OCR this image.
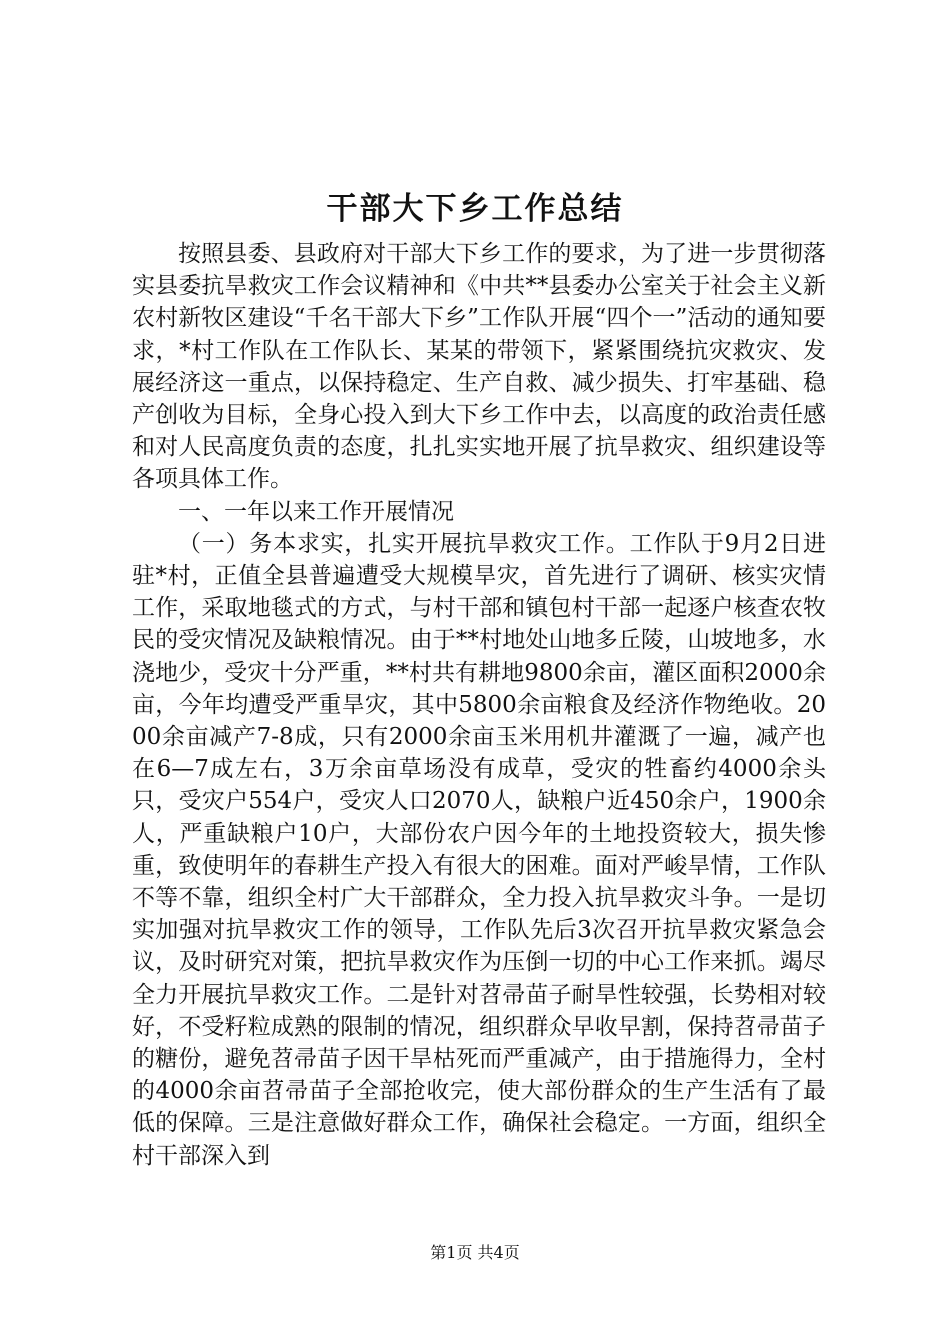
干部大下乡工作总结

按照县委、县政府对干部大下乡工作的要求，为了进一步贯彻落实县委抗旱救灾工作会议精神和《中共**县委办公室关于社会主义新农村新牧区建设“千名干部大下乡”工作队开展“四个一”活动的通知要求，*村工作队在工作队长、某某的带领下，紧紧围绕抗灾救灾、发展经济这一重点，以保持稳定、生产自救、减少损失、打牢基础、稳产创收为目标，全身心投入到大下乡工作中去，以高度的政治责任感和对人民高度负责的态度，扎扎实实地开展了抗旱救灾、组织建设等各项具体工作。

一、一年以来工作开展情况

（一）务本求实，扎实开展抗旱救灾工作。工作队于9月2日进驻*村，正值全县普遍遭受大规模旱灾，首先进行了调研、核实灾情工作，采取地毯式的方式，与村干部和镇包村干部一起逐户核查农牧民的受灾情况及缺粮情况。由于**村地处山地多丘陵，山坡地多，水浇地少，受灾十分严重，**村共有耕地9800余亩，灌区面积2000余亩，今年均遭受严重旱灾，其中5800余亩粮食及经济作物绝收。2000余亩减产7-8成，只有2000余亩玉米用机井灌溉了一遍，减产也在6—7成左右，3万余亩草场没有成草，受灾的牲畜约4000余头只，受灾户554户，受灾人口2070人，缺粮户近450余户，1900余人，严重缺粮户10户，大部份农户因今年的土地投资较大，损失惨重，致使明年的春耕生产投入有很大的困难。面对严峻旱情，工作队不等不靠，组织全村广大干部群众，全力投入抗旱救灾斗争。一是切实加强对抗旱救灾工作的领导，工作队先后3次召开抗旱救灾紧急会议，及时研究对策，把抗旱救灾作为压倒一切的中心工作来抓。竭尽全力开展抗旱救灾工作。二是针对苕帚苗子耐旱性较强，长势相对较好，不受籽粒成熟的限制的情况，组织群众早收早割，保持苕帚苗子的糖份，避免苕帚苗子因干旱枯死而严重减产，由于措施得力，全村的4000余亩苕帚苗子全部抢收完，使大部份群众的生产生活有了最低的保障。三是注意做好群众工作，确保社会稳定。一方面，组织全村干部深入到

第1页 共4页
